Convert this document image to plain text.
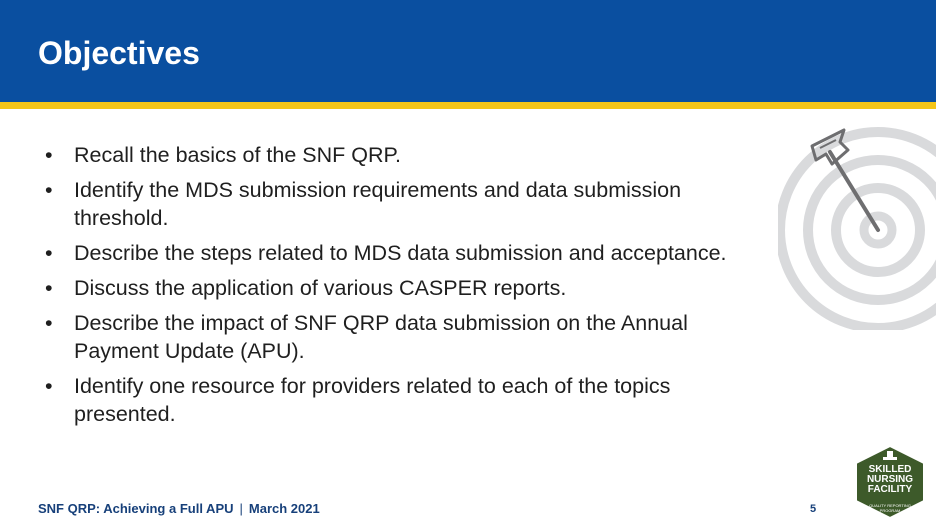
Objectives
• Recall the basics of the SNF QRP.
• Identify the MDS submission requirements and data submission threshold.
• Describe the steps related to MDS data submission and acceptance.
• Discuss the application of various CASPER reports.
• Describe the impact of SNF QRP data submission on the Annual Payment Update (APU).
• Identify one resource for providers related to each of the topics presented.
SNF QRP: Achieving a Full APU | March 2021	5
SKILLED
NURSING
FACILITY
QUALITY REPORTING
PROGRAM
